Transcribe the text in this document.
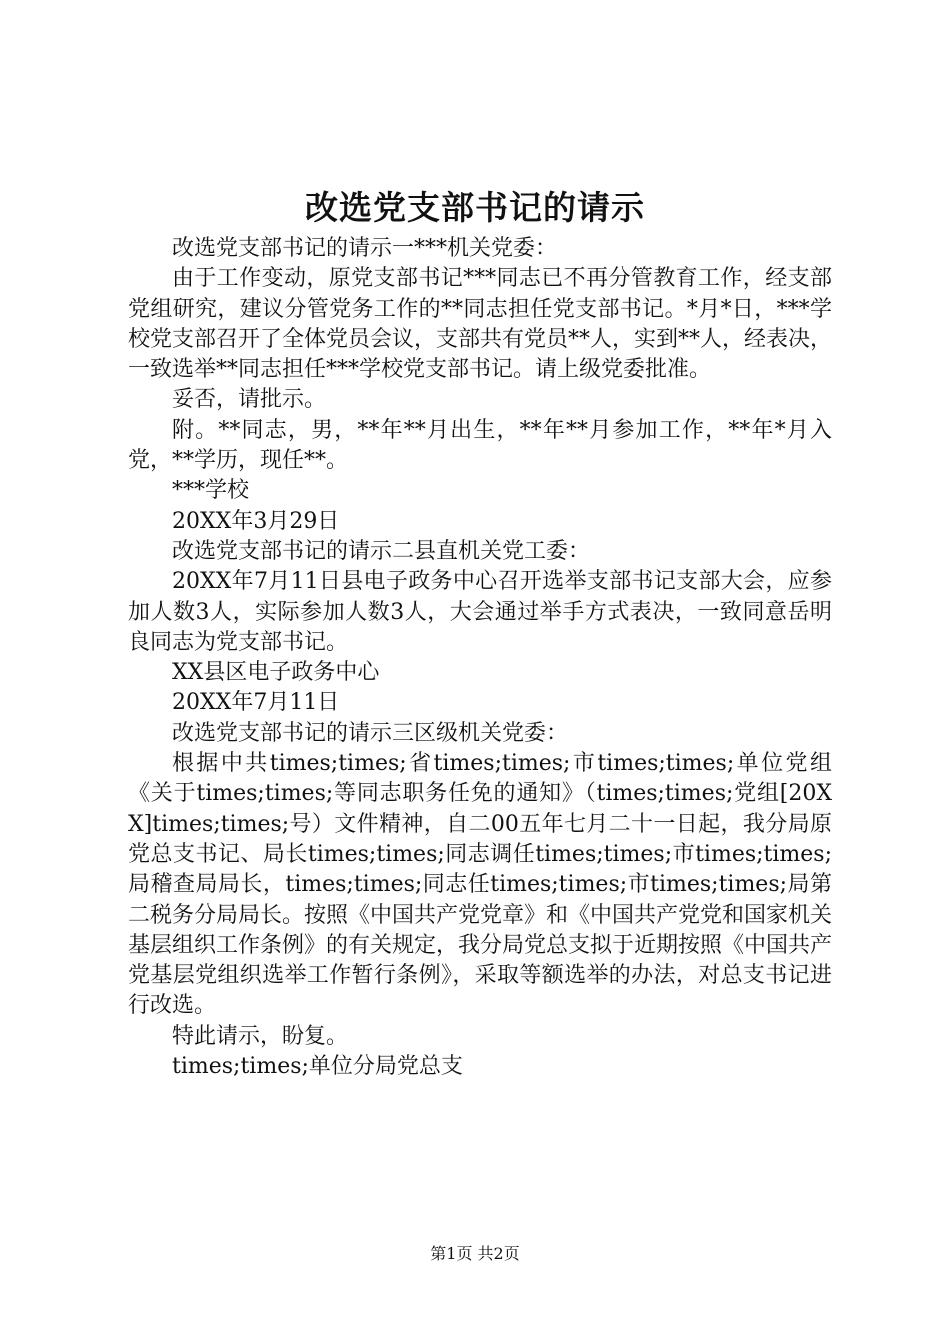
改选党支部书记的请示

改选党支部书记的请示一***机关党委：

由于工作变动，原党支部书记***同志已不再分管教育工作，经支部党组研究，建议分管党务工作的**同志担任党支部书记。*月*日，***学校党支部召开了全体党员会议，支部共有党员**人，实到**人，经表决，一致选举**同志担任***学校党支部书记。请上级党委批准。

妥否，请批示。

附。**同志，男，**年**月出生，**年**月参加工作，**年*月入党，**学历，现任**。

***学校

20XX年3月29日

改选党支部书记的请示二县直机关党工委：

20XX年7月11日县电子政务中心召开选举支部书记支部大会，应参加人数3人，实际参加人数3人，大会通过举手方式表决，一致同意岳明良同志为党支部书记。

XX县区电子政务中心

20XX年7月11日

改选党支部书记的请示三区级机关党委：

根据中共times;times;省times;times;市times;times;单位党组《关于times;times;等同志职务任免的通知》（times;times;党组[20XX]times;times;号）文件精神，自二00五年七月二十一日起，我分局原党总支书记、局长times;times;同志调任times;times;市times;times;局稽查局局长，times;times;同志任times;times;市times;times;局第二税务分局局长。按照《中国共产党党章》和《中国共产党党和国家机关基层组织工作条例》的有关规定，我分局党总支拟于近期按照《中国共产党基层党组织选举工作暂行条例》，采取等额选举的办法，对总支书记进行改选。

特此请示，盼复。

times;times;单位分局党总支

第1页 共2页
